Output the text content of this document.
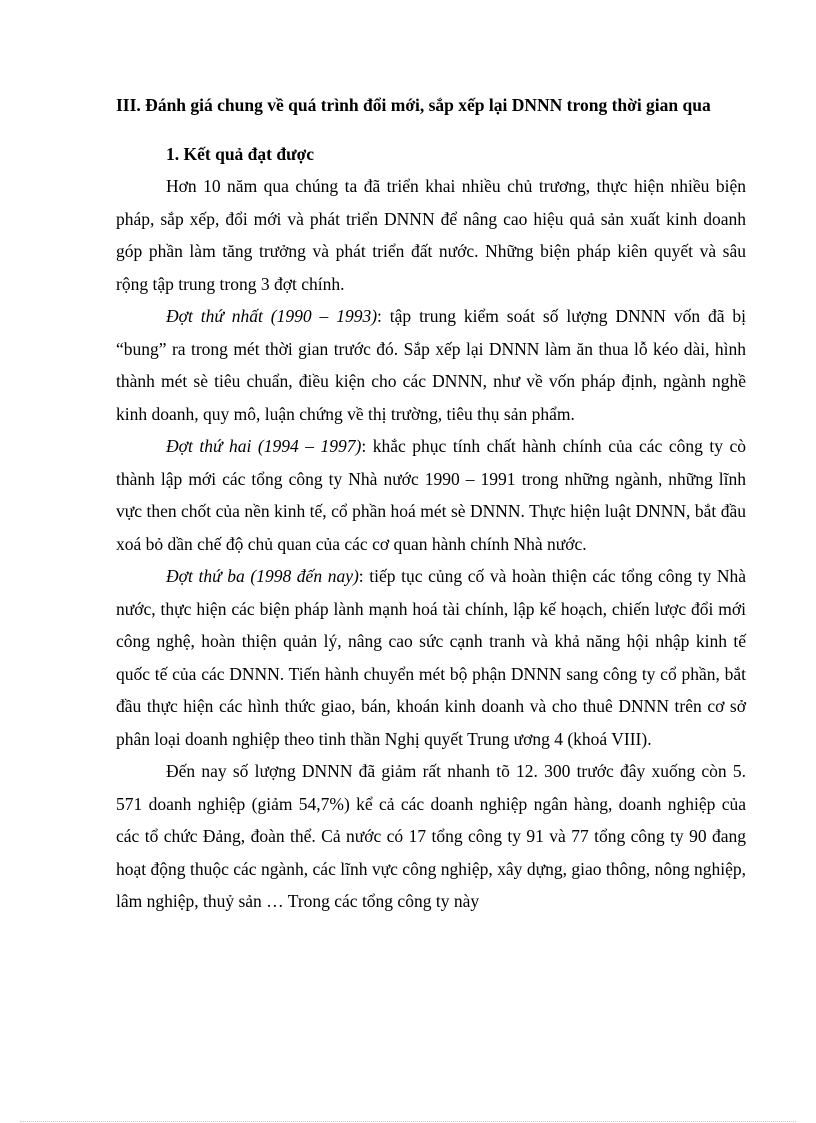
III. Đánh giá chung về quá trình đổi mới, sắp xếp lại DNNN trong thời gian qua

1. Kết quả đạt được

Hơn 10 năm qua chúng ta đã triển khai nhiều chủ trương, thực hiện nhiều biện pháp, sắp xếp, đổi mới và phát triển DNNN để nâng cao hiệu quả sản xuất kinh doanh góp phần làm tăng trưởng và phát triển đất nước. Những biện pháp kiên quyết và sâu rộng tập trung trong 3 đợt chính.

Đợt thứ nhất (1990 – 1993): tập trung kiểm soát số lượng DNNN vốn đã bị “bung” ra trong mét thời gian trước đó. Sắp xếp lại DNNN làm ăn thua lỗ kéo dài, hình thành mét sè tiêu chuẩn, điều kiện cho các DNNN, như về vốn pháp định, ngành nghề kinh doanh, quy mô, luận chứng về thị trường, tiêu thụ sản phẩm.

Đợt thứ hai (1994 – 1997): khắc phục tính chất hành chính của các công ty cò thành lập mới các tổng công ty Nhà nước 1990 – 1991 trong những ngành, những lĩnh vực then chốt của nền kinh tế, cổ phần hoá mét sè DNNN. Thực hiện luật DNNN, bắt đầu xoá bỏ dần chế độ chủ quan của các cơ quan hành chính Nhà nước.

Đợt thứ ba (1998 đến nay): tiếp tục củng cố và hoàn thiện các tổng công ty Nhà nước, thực hiện các biện pháp lành mạnh hoá tài chính, lập kế hoạch, chiến lược đổi mới công nghệ, hoàn thiện quản lý, nâng cao sức cạnh tranh và khả năng hội nhập kinh tế quốc tế của các DNNN. Tiến hành chuyển mét bộ phận DNNN sang công ty cổ phần, bắt đầu thực hiện các hình thức giao, bán, khoán kinh doanh và cho thuê DNNN trên cơ sở phân loại doanh nghiệp theo tinh thần Nghị quyết Trung ương 4 (khoá VIII).

Đến nay số lượng DNNN đã giảm rất nhanh tõ 12. 300 trước đây xuống còn 5. 571 doanh nghiệp (giảm 54,7%) kể cả các doanh nghiệp ngân hàng, doanh nghiệp của các tổ chức Đảng, đoàn thể. Cả nước có 17 tổng công ty 91 và 77 tổng công ty 90 đang hoạt động thuộc các ngành, các lĩnh vực công nghiệp, xây dựng, giao thông, nông nghiệp, lâm nghiệp, thuỷ sản … Trong các tổng công ty này
